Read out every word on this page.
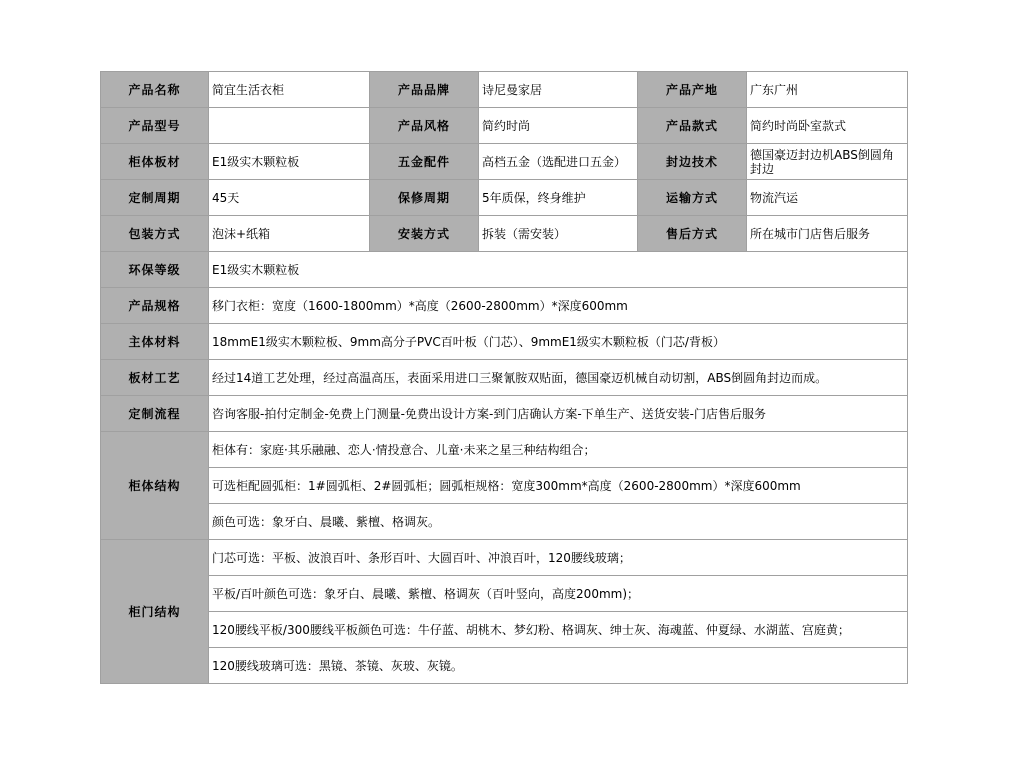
产品名称	简宜生活衣柜	产品品牌	诗尼曼家居	产品产地	广东广州
产品型号		产品风格	简约时尚	产品款式	简约时尚卧室款式
柜体板材	E1级实木颗粒板	五金配件	高档五金（选配进口五金）	封边技术	德国豪迈封边机ABS倒圆角封边
定制周期	45天	保修周期	5年质保，终身维护	运输方式	物流汽运
包装方式	泡沫+纸箱	安装方式	拆装（需安装）	售后方式	所在城市门店售后服务
环保等级	E1级实木颗粒板				
产品规格	移门衣柜：宽度（1600-1800mm）*高度（2600-2800mm）*深度600mm				
主体材料	18mmE1级实木颗粒板、9mm高分子PVC百叶板（门芯）、9mmE1级实木颗粒板（门芯/背板）				
板材工艺	经过14道工艺处理，经过高温高压，表面采用进口三聚氰胺双贴面，德国豪迈机械自动切割，ABS倒圆角封边而成。				
定制流程	咨询客服-拍付定制金-免费上门测量-免费出设计方案-到门店确认方案-下单生产、送货安装-门店售后服务				
柜体结构	柜体有：家庭·其乐融融、恋人·情投意合、儿童·未来之星三种结构组合；				
	可选柜配圆弧柜：1#圆弧柜、2#圆弧柜；圆弧柜规格：宽度300mm*高度（2600-2800mm）*深度600mm				
	颜色可选：象牙白、晨曦、紫檀、格调灰。				
柜门结构	门芯可选：平板、波浪百叶、条形百叶、大圆百叶、冲浪百叶，120腰线玻璃；				
	平板/百叶颜色可选：象牙白、晨曦、紫檀、格调灰（百叶竖向，高度200mm)；				
	120腰线平板/300腰线平板颜色可选：牛仔蓝、胡桃木、梦幻粉、格调灰、绅士灰、海魂蓝、仲夏绿、水湖蓝、宫庭黄；				
	120腰线玻璃可选：黑镜、茶镜、灰玻、灰镜。				
